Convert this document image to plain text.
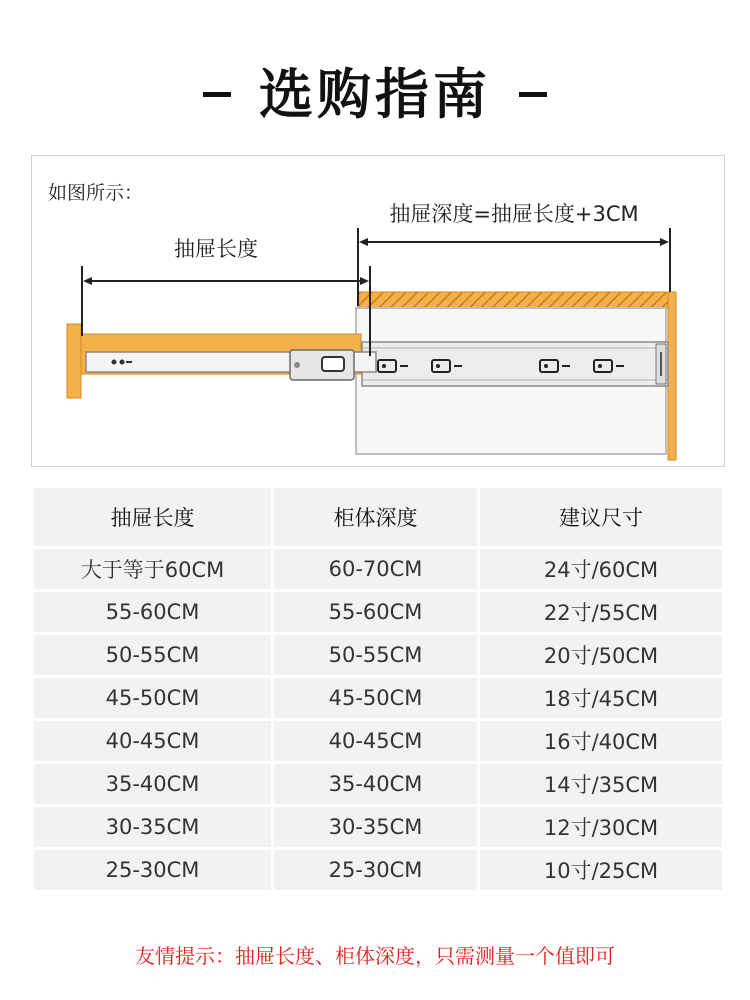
选购指南
抽屉长度
抽屉深度=抽屉长度+3CM
如图所示：
抽屉长度	柜体深度	建议尺寸
大于等于60CM	60-70CM	24寸/60CM
55-60CM	55-60CM	22寸/55CM
50-55CM	50-55CM	20寸/50CM
45-50CM	45-50CM	18寸/45CM
40-45CM	40-45CM	16寸/40CM
35-40CM	35-40CM	14寸/35CM
30-35CM	30-35CM	12寸/30CM
25-30CM	25-30CM	10寸/25CM
友情提示：抽屉长度、柜体深度，只需测量一个值即可
